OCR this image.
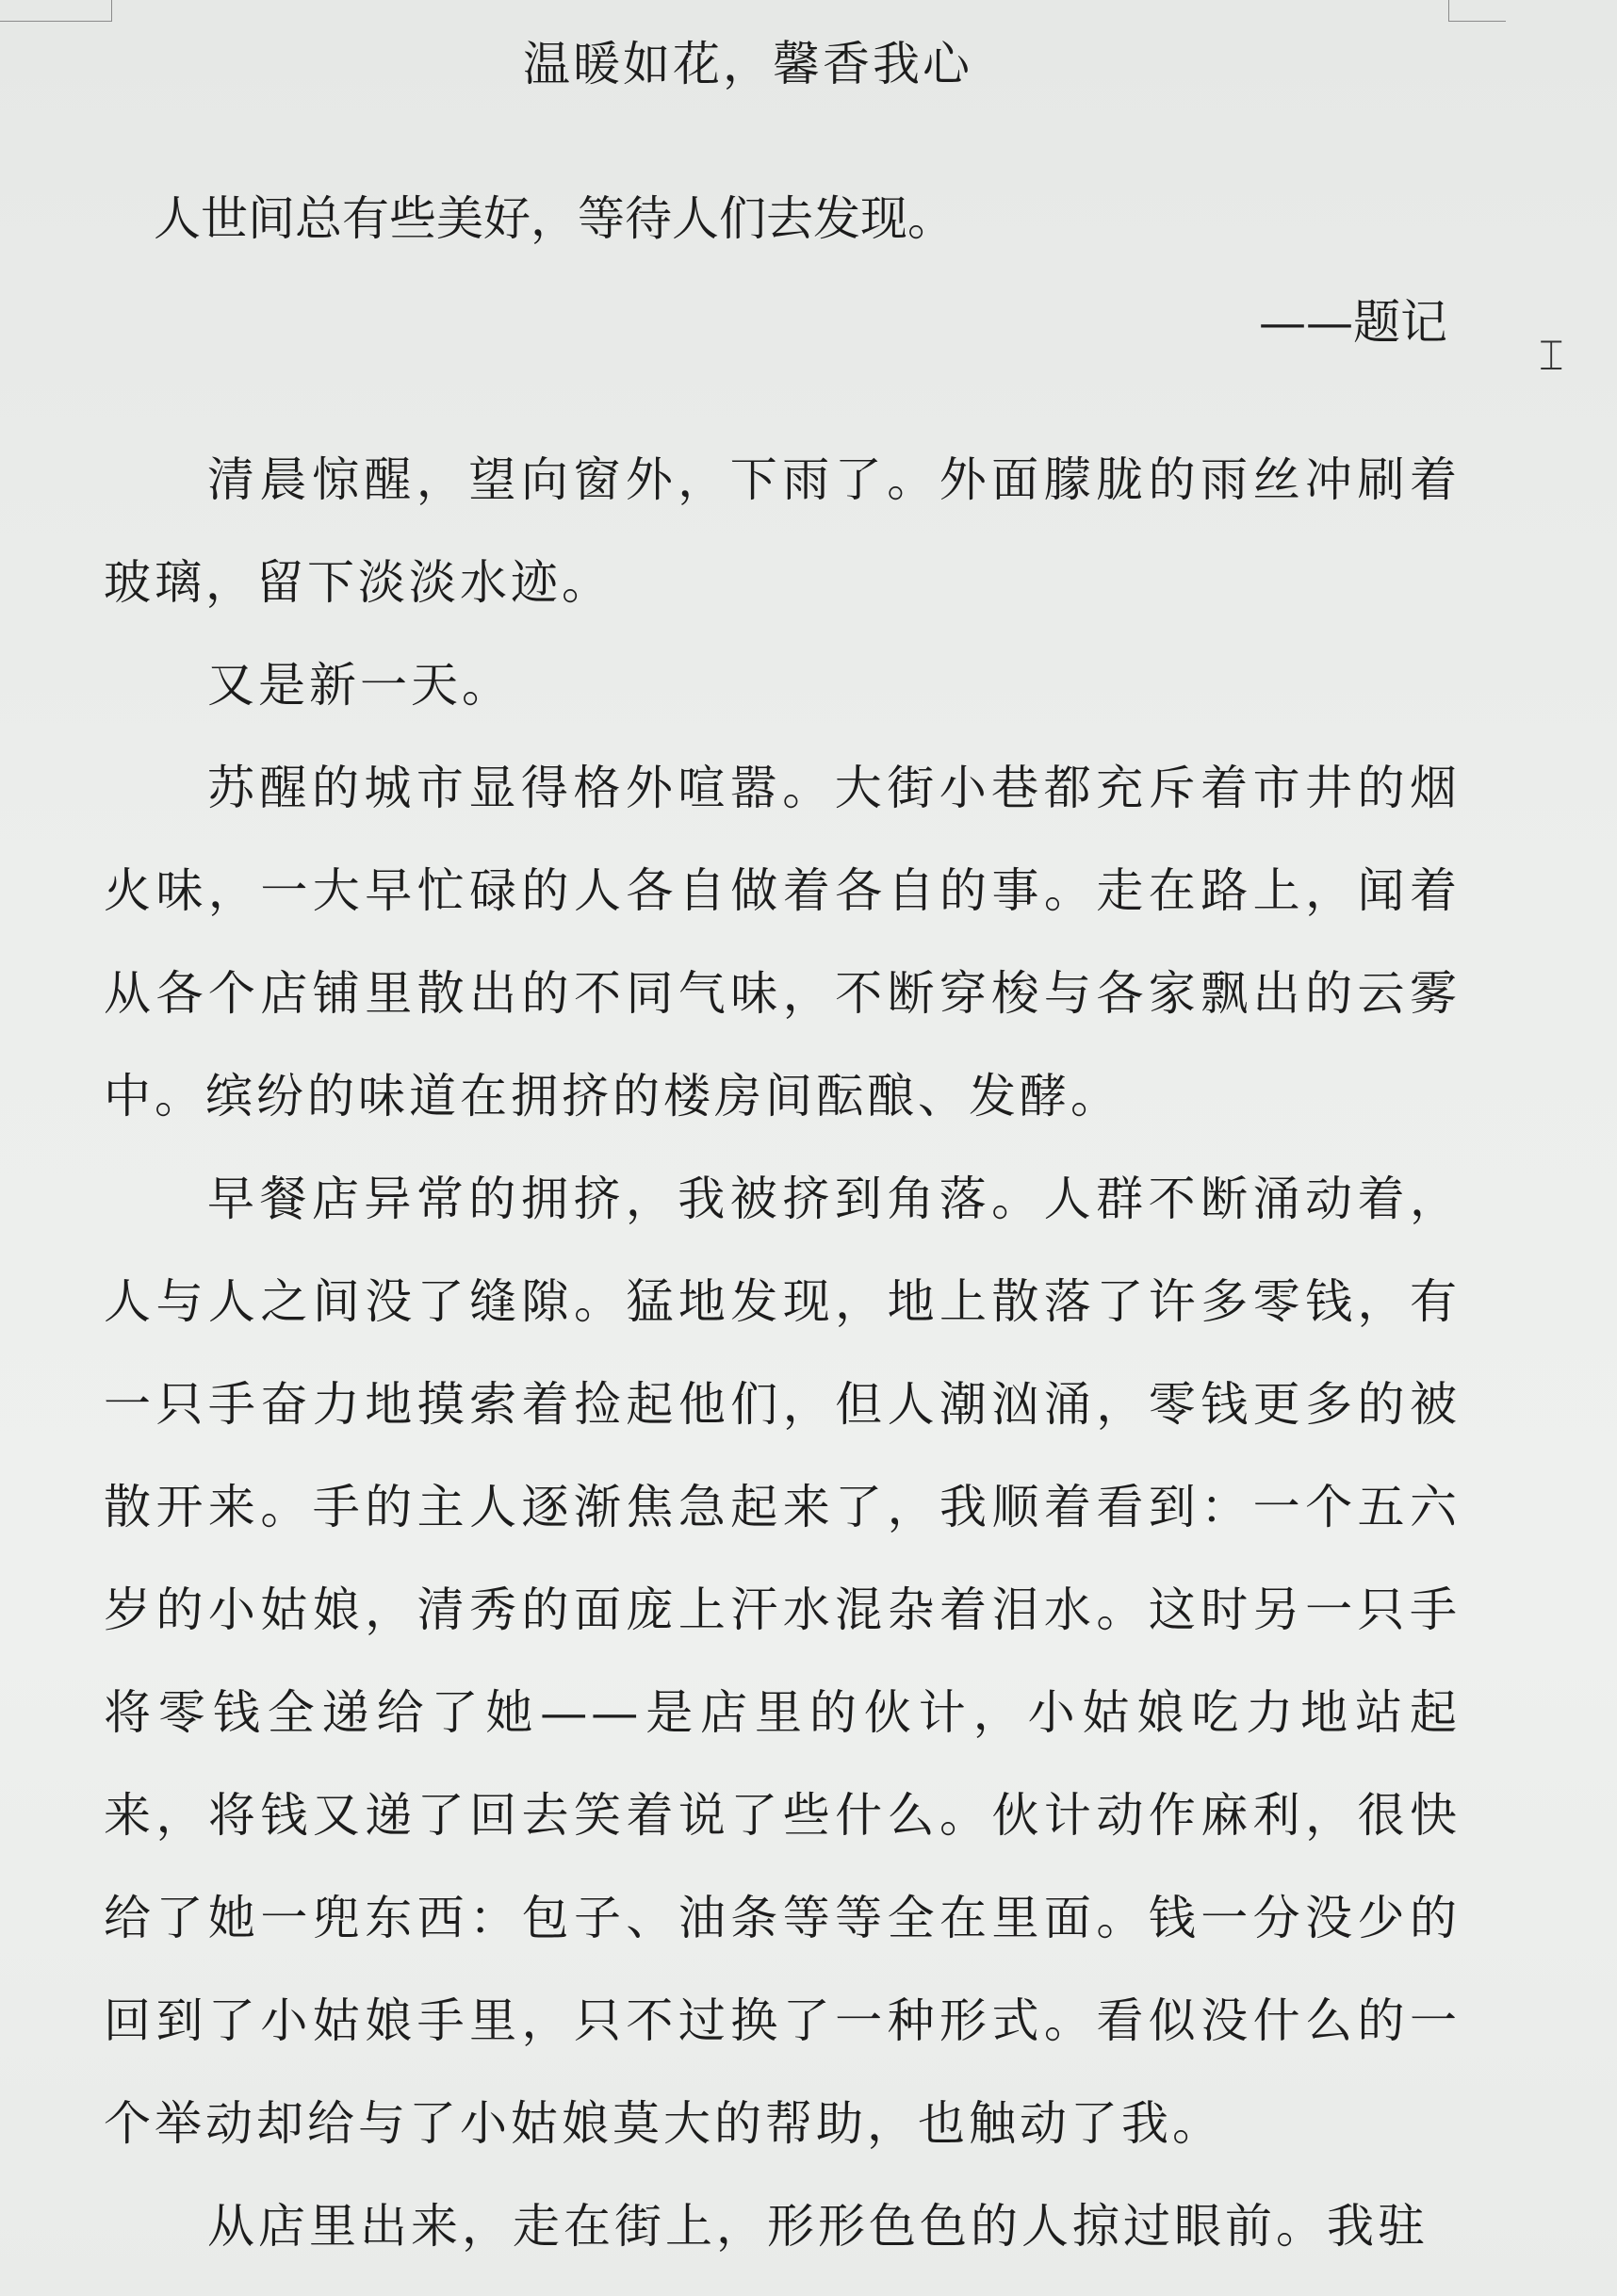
温暖如花，馨香我心
人世间总有些美好，等待人们去发现。
——题记
⌶

清晨惊醒，望向窗外，下雨了。外面朦胧的雨丝冲刷着玻璃，留下淡淡水迹。

又是新一天。

苏醒的城市显得格外喧嚣。大街小巷都充斥着市井的烟火味，一大早忙碌的人各自做着各自的事。走在路上，闻着从各个店铺里散出的不同气味，不断穿梭与各家飘出的云雾中。缤纷的味道在拥挤的楼房间酝酿、发酵。

早餐店异常的拥挤，我被挤到角落。人群不断涌动着，人与人之间没了缝隙。猛地发现，地上散落了许多零钱，有一只手奋力地摸索着捡起他们，但人潮汹涌，零钱更多的被散开来。手的主人逐渐焦急起来了，我顺着看到：一个五六岁的小姑娘，清秀的面庞上汗水混杂着泪水。这时另一只手将零钱全递给了她——是店里的伙计，小姑娘吃力地站起来，将钱又递了回去笑着说了些什么。伙计动作麻利，很快给了她一兜东西：包子、油条等等全在里面。钱一分没少的回到了小姑娘手里，只不过换了一种形式。看似没什么的一个举动却给与了小姑娘莫大的帮助，也触动了我。

从店里出来，走在街上，形形色色的人掠过眼前。我驻
